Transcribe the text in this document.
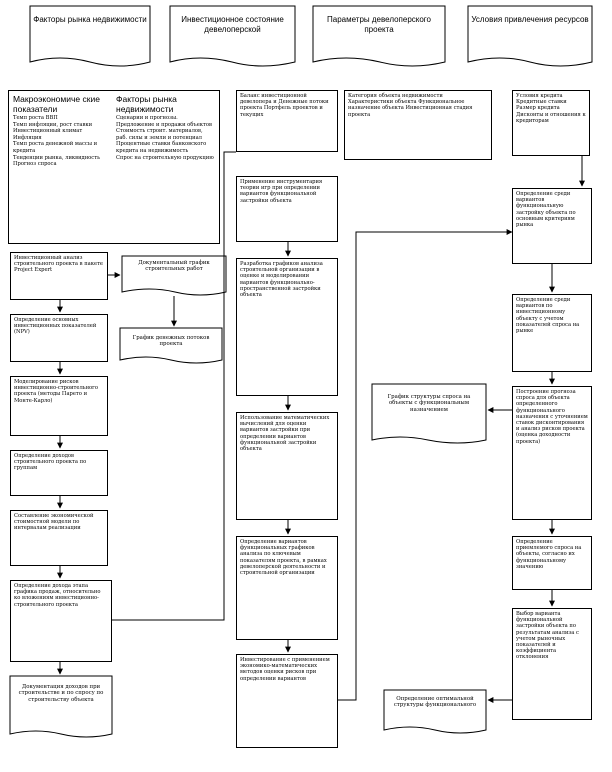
Факторы рынка недвижимости	Инвестиционное состояние девелоперской
Параметры девелоперского проекта
Условия привлечения ресурсов
Макроэкономиче ские показатели
Темп роста ВВП
Темп инфляции, рост ставки
Инвестиционный климат
Инфляция
Темп роста денежной массы и кредита
Тенденции рынка, ликвидность
Прогноз спроса
Факторы рынка недвижимости
Сценарии и прогнозы. Предложение и продажи объектов
Стоимость строит. материалов, раб. силы и земли и потенциал
Процентные ставки банковского кредита на недвижимость
Спрос на строительную продукцию
Баланс инвестиционной девелопера и Денежные потоки проекта Портфель проектов и текущих
Категория объекта недвижимости Характеристики объекта Функциональное назначение объекта Инвестиционная стадия проекта
Условия кредита Кредитные ставки Размер кредита Дисконты и отношения к кредиторам
Инвестиционный анализ строительного проекта в пакете Project Expert
Определение основных инвестиционных показателей (NPV)
Моделирование рисков инвестиционно-строительного проекта (методы Парето и Монте-Карло)
Определение доходов строительного проекта по группам
Составление экономической стоимостной модели по интервалам реализации
Определение дохода этапа графика продаж, относительно ко вложениям инвестиционно-строительного проекта
Документальный график строительных работ
График денежных потоков проекта
Документация доходов при строительстве и по спросу по строительству объекта
Применение инструментария теории игр при определении вариантов функциональной застройки объекта
Разработка графиков анализа строительной организации в оценке и моделировании вариантов функционально-пространственной застройки объекта
Использование математических вычислений для оценки вариантов застройки при определении вариантов функциональной застройки объекта
Определение вариантов функциональных графиков анализа по ключевым показателям проекта, в рамках девелоперской деятельности и строительной организации
Инвестирование с применением экономико-математических методов оценки рисков при определении вариантов
Определение среди вариантов функциональную застройку объекта по основным критериям рынка
Определение среди вариантов по инвестиционному объекту с учетом показателей спроса на рынке
Построение прогноза спроса для объекта определенного функционального назначения с уточнением ставок дисконтирования и анализ рисков проекта (оценка доходности проекта)
Определение приемлемого спроса на объекты, согласно их функциональному значению
Выбор варианта функциональной застройки объекта по результатам анализа с учетом рыночных показателей и коэффициента отклонения
График структуры спроса на объекты с функциональным назначением
Определение оптимальной структуры функционального
